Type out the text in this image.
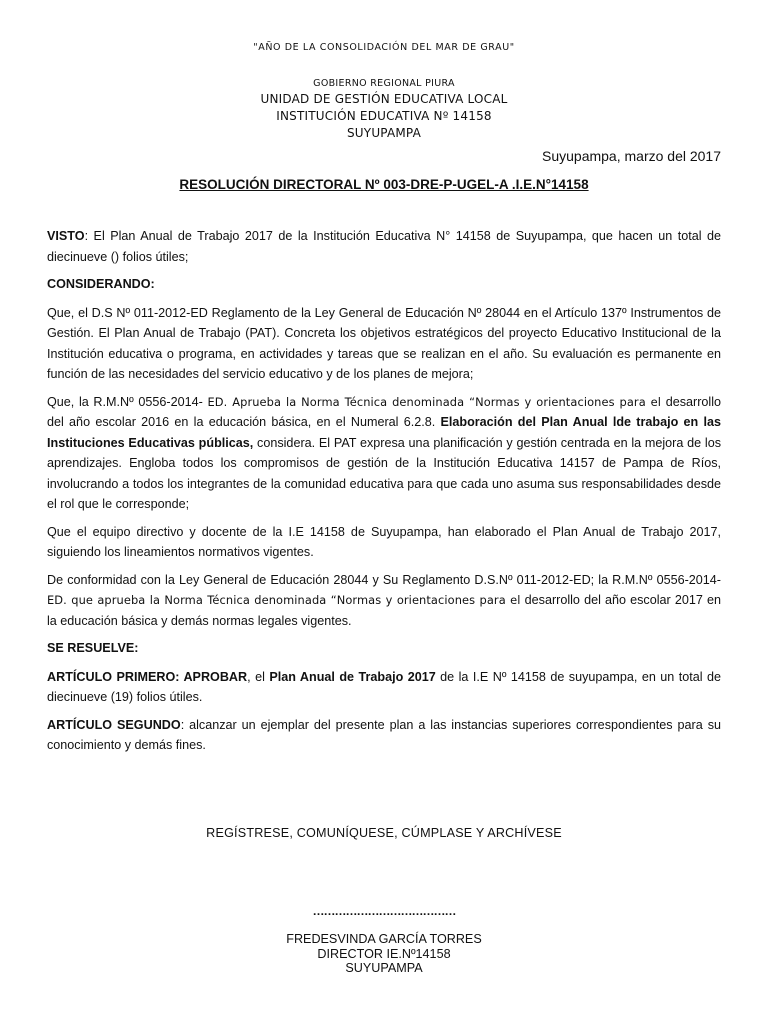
"AÑO DE LA CONSOLIDACIÓN DEL MAR DE GRAU"
GOBIERNO REGIONAL PIURA
UNIDAD DE GESTIÓN EDUCATIVA LOCAL
INSTITUCIÓN EDUCATIVA Nº 14158
SUYUPAMPA
Suyupampa, marzo del 2017
RESOLUCIÓN DIRECTORAL Nº 003-DRE-P-UGEL-A .I.E.N°14158

VISTO: El Plan Anual de Trabajo 2017 de la Institución Educativa N° 14158 de Suyupampa, que hacen un total de diecinueve () folios útiles;

CONSIDERANDO:

Que, el D.S Nº 011-2012-ED Reglamento de la Ley General de Educación Nº 28044 en el Artículo 137º Instrumentos de Gestión. El Plan Anual de Trabajo (PAT). Concreta los objetivos estratégicos del proyecto Educativo Institucional de la Institución educativa o programa, en actividades y tareas que se realizan en el año. Su evaluación es permanente en función de las necesidades del servicio educativo y de los planes de mejora;

Que, la R.M.Nº 0556-2014- ED. Aprueba la Norma Técnica denominada “Normas y orientaciones para el desarrollo del año escolar 2016 en la educación básica, en el Numeral 6.2.8. Elaboración del Plan Anual lde trabajo en las Instituciones Educativas públicas, considera. El PAT expresa una planificación y gestión centrada en la mejora de los aprendizajes. Engloba todos los compromisos de gestión de la Institución Educativa 14157 de Pampa de Ríos, involucrando a todos los integrantes de la comunidad educativa para que cada uno asuma sus responsabilidades desde el rol que le corresponde;

Que el equipo directivo y docente de la I.E 14158 de Suyupampa, han elaborado el Plan Anual de Trabajo 2017, siguiendo los lineamientos normativos vigentes.

De conformidad con la Ley General de Educación 28044 y Su Reglamento D.S.Nº 011-2012-ED; la R.M.Nº 0556-2014-ED. que aprueba la Norma Técnica denominada “Normas y orientaciones para el desarrollo del año escolar 2017 en la educación básica y demás normas legales vigentes.

SE RESUELVE:

ARTÍCULO PRIMERO: APROBAR, el Plan Anual de Trabajo 2017 de la I.E Nº 14158 de suyupampa, en un total de diecinueve (19) folios útiles.

ARTÍCULO SEGUNDO: alcanzar un ejemplar del presente plan a las instancias superiores correspondientes para su conocimiento y demás fines.

REGÍSTRESE, COMUNÍQUESE, CÚMPLASE Y ARCHÍVESE
…………………………………
FREDESVINDA GARCÍA TORRES
DIRECTOR IE.Nº14158
SUYUPAMPA
